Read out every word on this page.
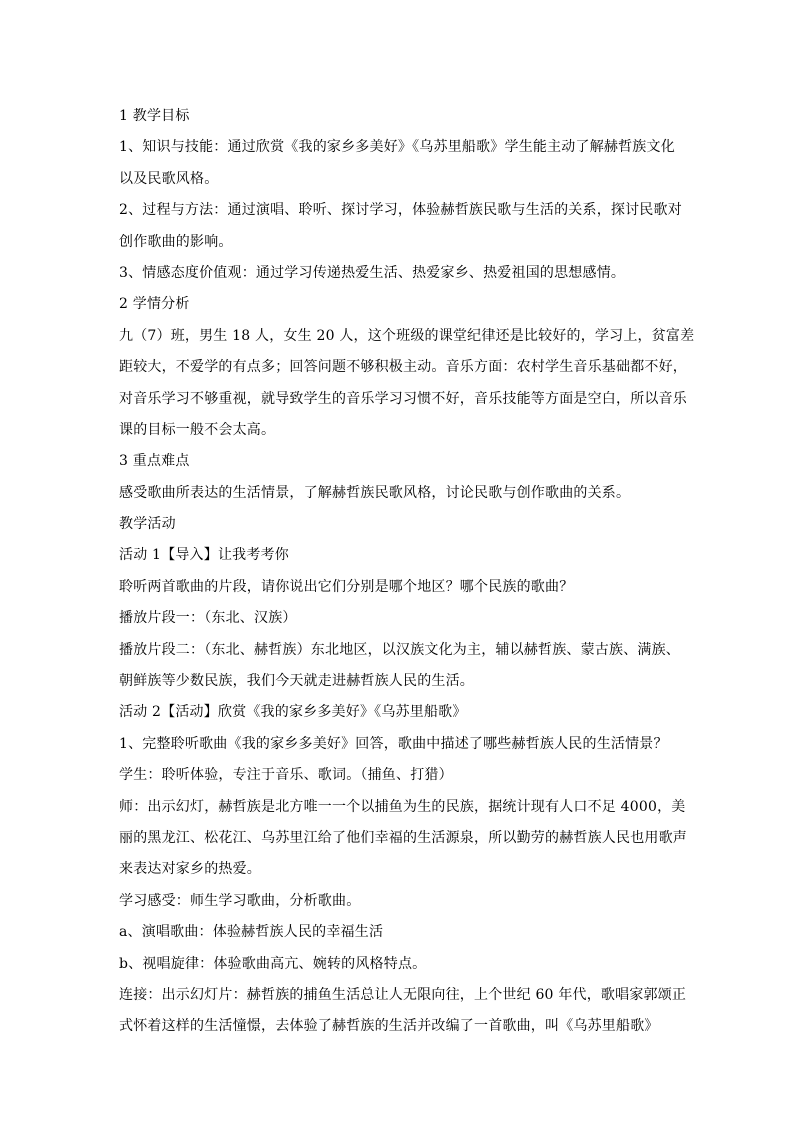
1 教学目标
1、知识与技能：通过欣赏《我的家乡多美好》《乌苏里船歌》学生能主动了解赫哲族文化
以及民歌风格。
2、过程与方法：通过演唱、聆听、探讨学习，体验赫哲族民歌与生活的关系，探讨民歌对
创作歌曲的影响。
3、情感态度价值观：通过学习传递热爱生活、热爱家乡、热爱祖国的思想感情。
2 学情分析
九（7）班，男生 18 人，女生 20 人，这个班级的课堂纪律还是比较好的，学习上，贫富差
距较大，不爱学的有点多；回答问题不够积极主动。音乐方面：农村学生音乐基础都不好，
对音乐学习不够重视，就导致学生的音乐学习习惯不好，音乐技能等方面是空白，所以音乐
课的目标一般不会太高。
3 重点难点
感受歌曲所表达的生活情景，了解赫哲族民歌风格，讨论民歌与创作歌曲的关系。
教学活动
活动 1【导入】让我考考你
聆听两首歌曲的片段，请你说出它们分别是哪个地区？哪个民族的歌曲？
播放片段一：（东北、汉族）
播放片段二：（东北、赫哲族）东北地区，以汉族文化为主，辅以赫哲族、蒙古族、满族、
朝鲜族等少数民族，我们今天就走进赫哲族人民的生活。
活动 2【活动】欣赏《我的家乡多美好》《乌苏里船歌》
1、完整聆听歌曲《我的家乡多美好》回答，歌曲中描述了哪些赫哲族人民的生活情景？
学生：聆听体验，专注于音乐、歌词。（捕鱼、打猎）
师：出示幻灯，赫哲族是北方唯一一个以捕鱼为生的民族，据统计现有人口不足 4000，美
丽的黑龙江、松花江、乌苏里江给了他们幸福的生活源泉，所以勤劳的赫哲族人民也用歌声
来表达对家乡的热爱。
学习感受：师生学习歌曲，分析歌曲。
a、演唱歌曲：体验赫哲族人民的幸福生活
b、视唱旋律：体验歌曲高亢、婉转的风格特点。
连接：出示幻灯片：赫哲族的捕鱼生活总让人无限向往，上个世纪 60 年代，歌唱家郭颂正
式怀着这样的生活憧憬，去体验了赫哲族的生活并改编了一首歌曲，叫《乌苏里船歌》
